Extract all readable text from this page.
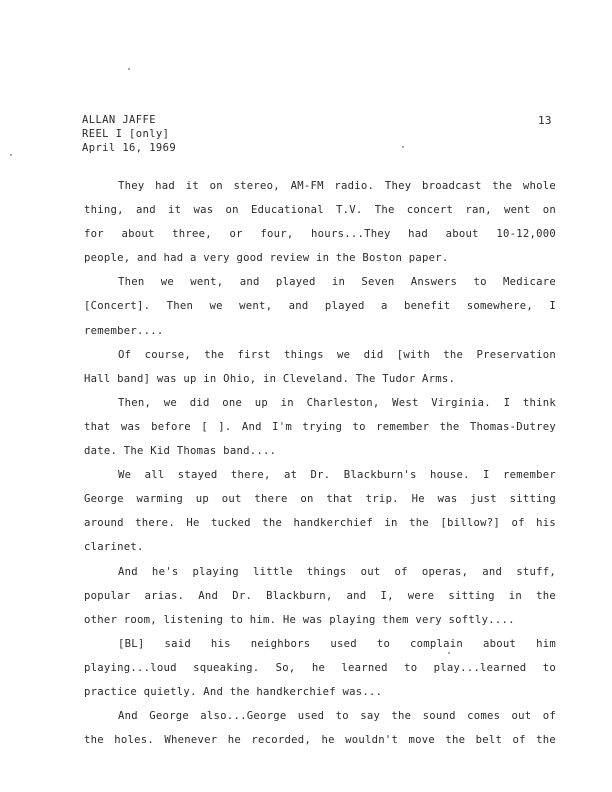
ALLAN JAFFE
REEL I [only]
April 16, 1969
13
They had it on stereo, AM-FM radio. They broadcast the whole
thing, and it was on Educational T.V. The concert ran, went on
for about three, or four, hours...They had about 10-12,000
people, and had a very good review in the Boston paper.
Then we went, and played in Seven Answers to Medicare
[Concert]. Then we went, and played a benefit somewhere, I
remember....
Of course, the first things we did [with the Preservation
Hall band] was up in Ohio, in Cleveland. The Tudor Arms.
Then, we did one up in Charleston, West Virginia. I think
that was before [ ]. And I'm trying to remember the Thomas-Dutrey
date. The Kid Thomas band....
We all stayed there, at Dr. Blackburn's house. I remember
George warming up out there on that trip. He was just sitting
around there. He tucked the handkerchief in the [billow?] of his
clarinet.
And he's playing little things out of operas, and stuff,
popular arias. And Dr. Blackburn, and I, were sitting in the
other room, listening to him. He was playing them very softly....
[BL] said his neighbors used to complain about him
playing...loud squeaking. So, he learned to play...learned to
practice quietly. And the handkerchief was...
And George also...George used to say the sound comes out of
the holes. Whenever he recorded, he wouldn't move the belt of the
